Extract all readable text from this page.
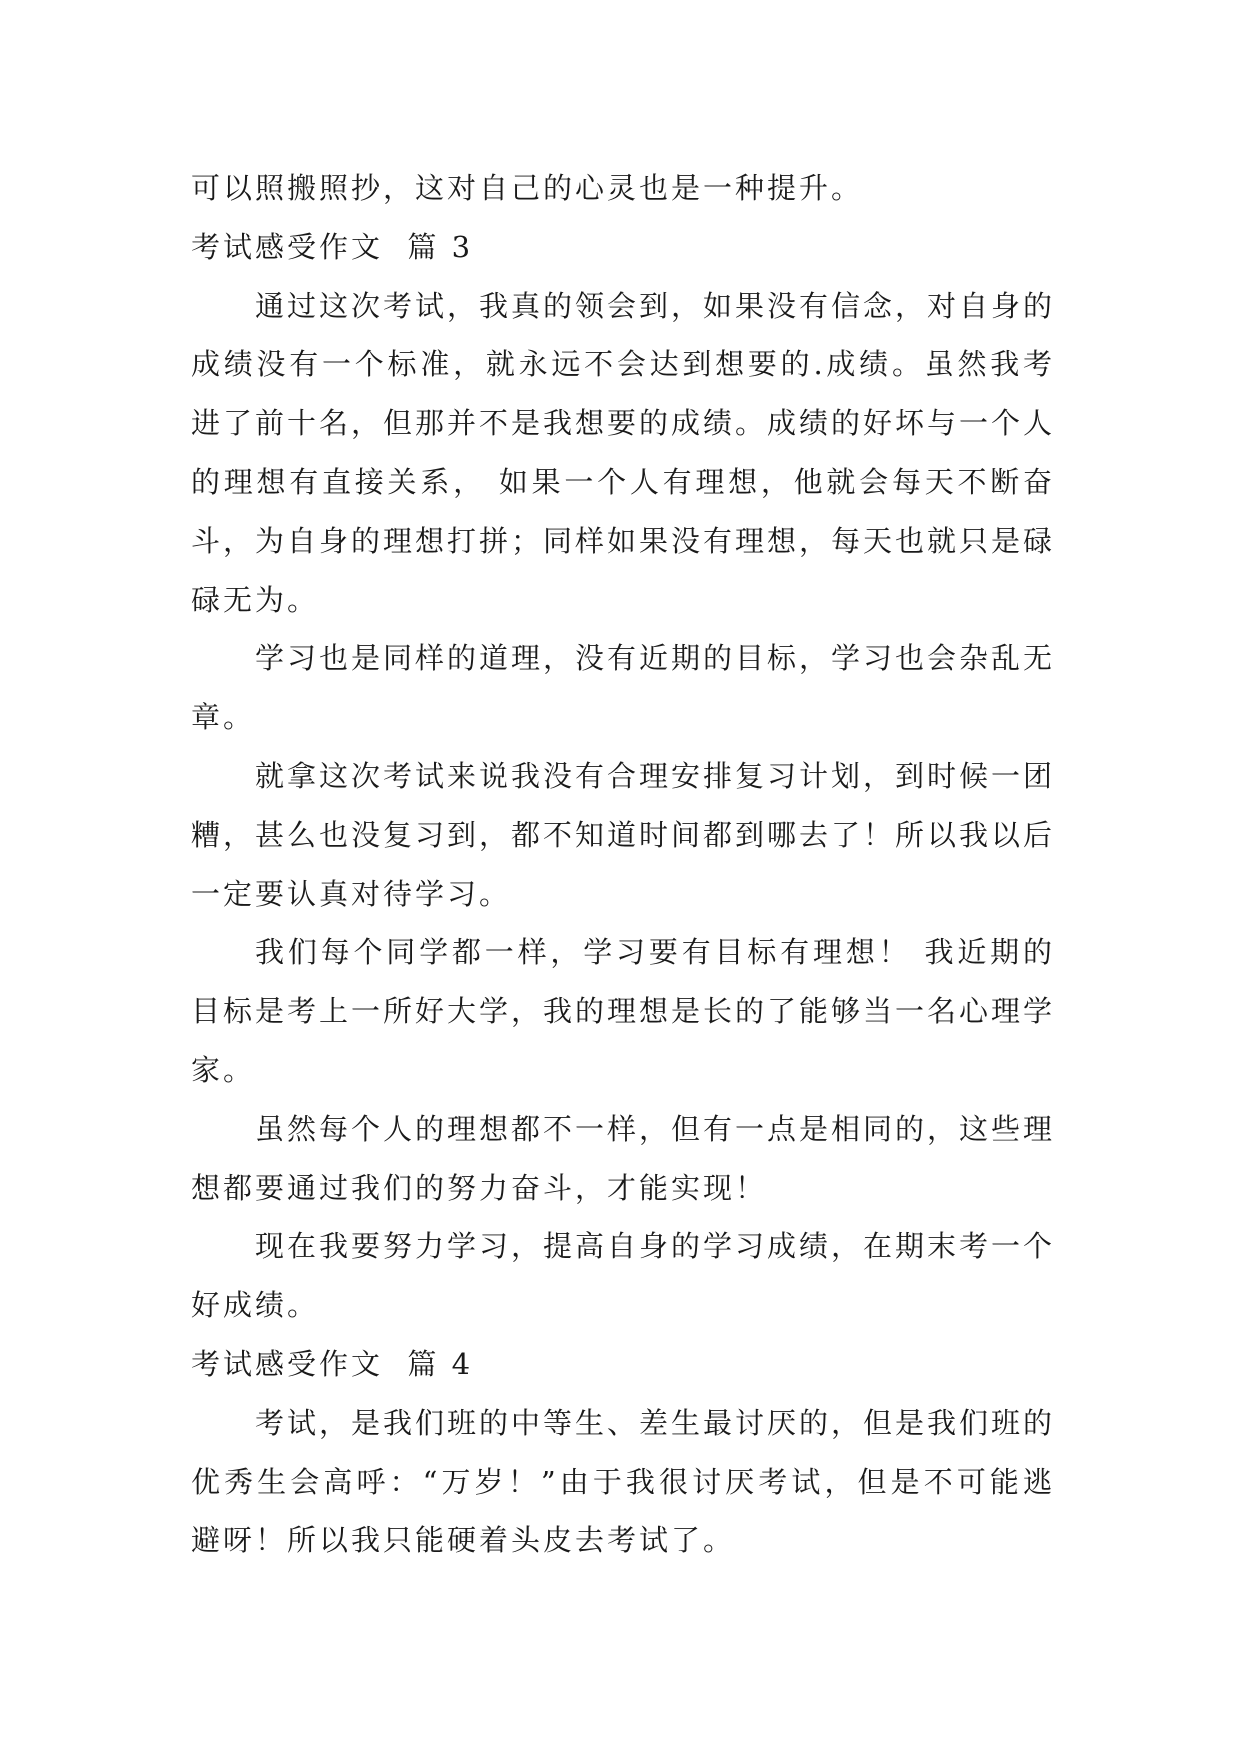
可以照搬照抄，这对自己的心灵也是一种提升。

考试感受作文  篇 3

通过这次考试，我真的领会到，如果没有信念，对自身的成绩没有一个标准，就永远不会达到想要的.成绩。虽然我考进了前十名，但那并不是我想要的成绩。成绩的好坏与一个人的理想有直接关系， 如果一个人有理想，他就会每天不断奋斗，为自身的理想打拼；同样如果没有理想，每天也就只是碌碌无为。

学习也是同样的道理，没有近期的目标，学习也会杂乱无章。

就拿这次考试来说我没有合理安排复习计划，到时候一团糟，甚么也没复习到，都不知道时间都到哪去了！所以我以后一定要认真对待学习。

我们每个同学都一样，学习要有目标有理想！ 我近期的目标是考上一所好大学，我的理想是长的了能够当一名心理学家。

虽然每个人的理想都不一样，但有一点是相同的，这些理想都要通过我们的努力奋斗，才能实现！

现在我要努力学习，提高自身的学习成绩，在期末考一个好成绩。

考试感受作文  篇 4

考试，是我们班的中等生、差生最讨厌的，但是我们班的优秀生会高呼：“万岁！”由于我很讨厌考试，但是不可能逃避呀！所以我只能硬着头皮去考试了。
